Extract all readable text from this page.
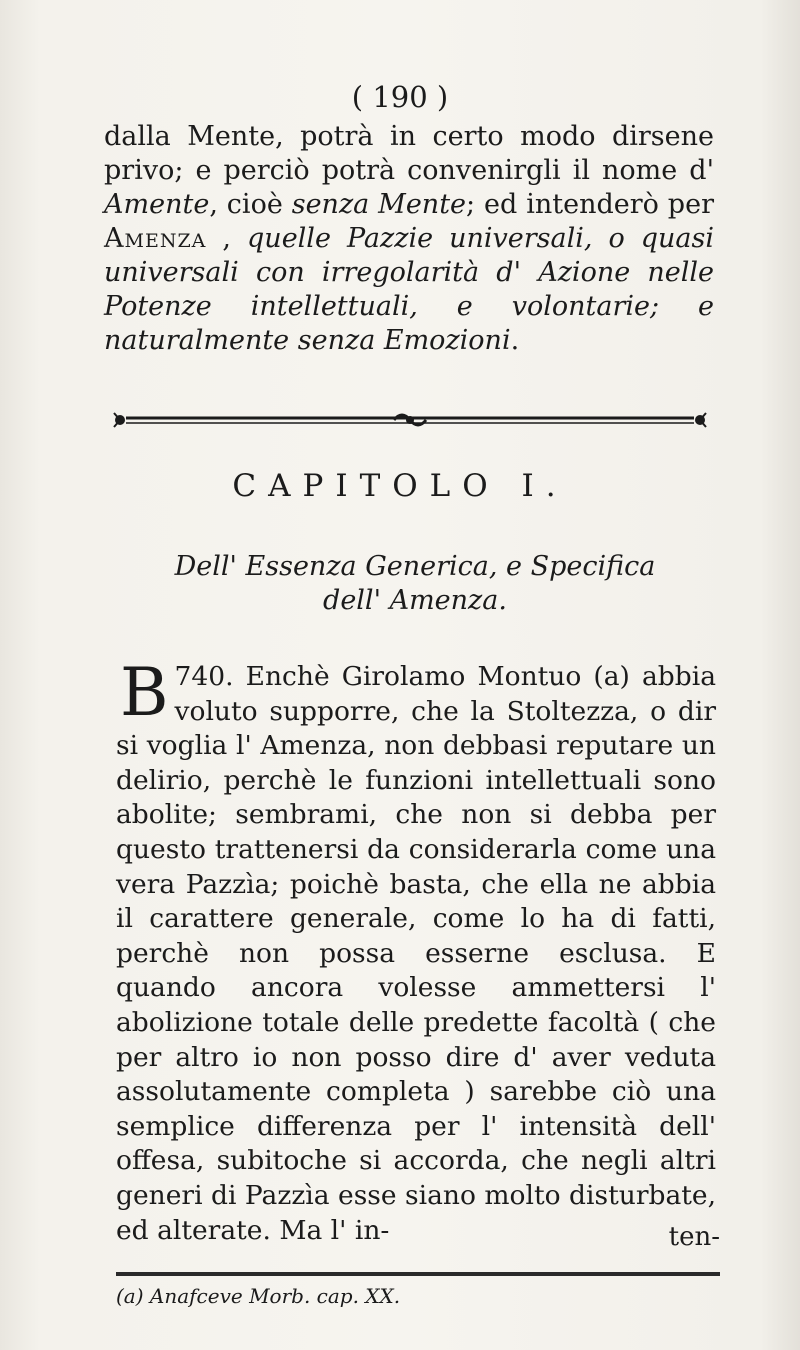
( 190 )

dalla Mente, potrà in certo modo dirsene privo; e perciò potrà convenirgli il nome d' Amente, cioè senza Mente; ed intenderò per Amenza , quelle Pazzie universali, o quasi universali con irregolarità d' Azione nelle Potenze intellettuali, e volontarie; e naturalmente senza Emozioni.

CAPITOLO I.
Dell' Essenza Generica, e Specifica
dell' Amenza.

740.
B	Enchè Girolamo Montuo (a) abbia voluto supporre, che la Stoltezza, o dir si voglia l' Amenza, non debbasi reputare un delirio, perchè le funzioni intellettuali sono abolite; sembrami, che non si debba per questo trattenersi da considerarla come una vera Pazzìa; poichè basta, che ella ne abbia il carattere generale, come lo ha di fatti, perchè non possa esserne esclusa. E quando ancora volesse ammettersi l' abolizione totale delle predette facoltà ( che per altro io non posso dire d' aver veduta assolutamente completa ) sarebbe ciò una semplice differenza per l' intensità dell' offesa, subitoche si accorda, che negli altri generi di Pazzìa esse siano molto disturbate, ed alterate. Ma l' in-	ten-
(a) Anafceve Morb. cap. XX.
